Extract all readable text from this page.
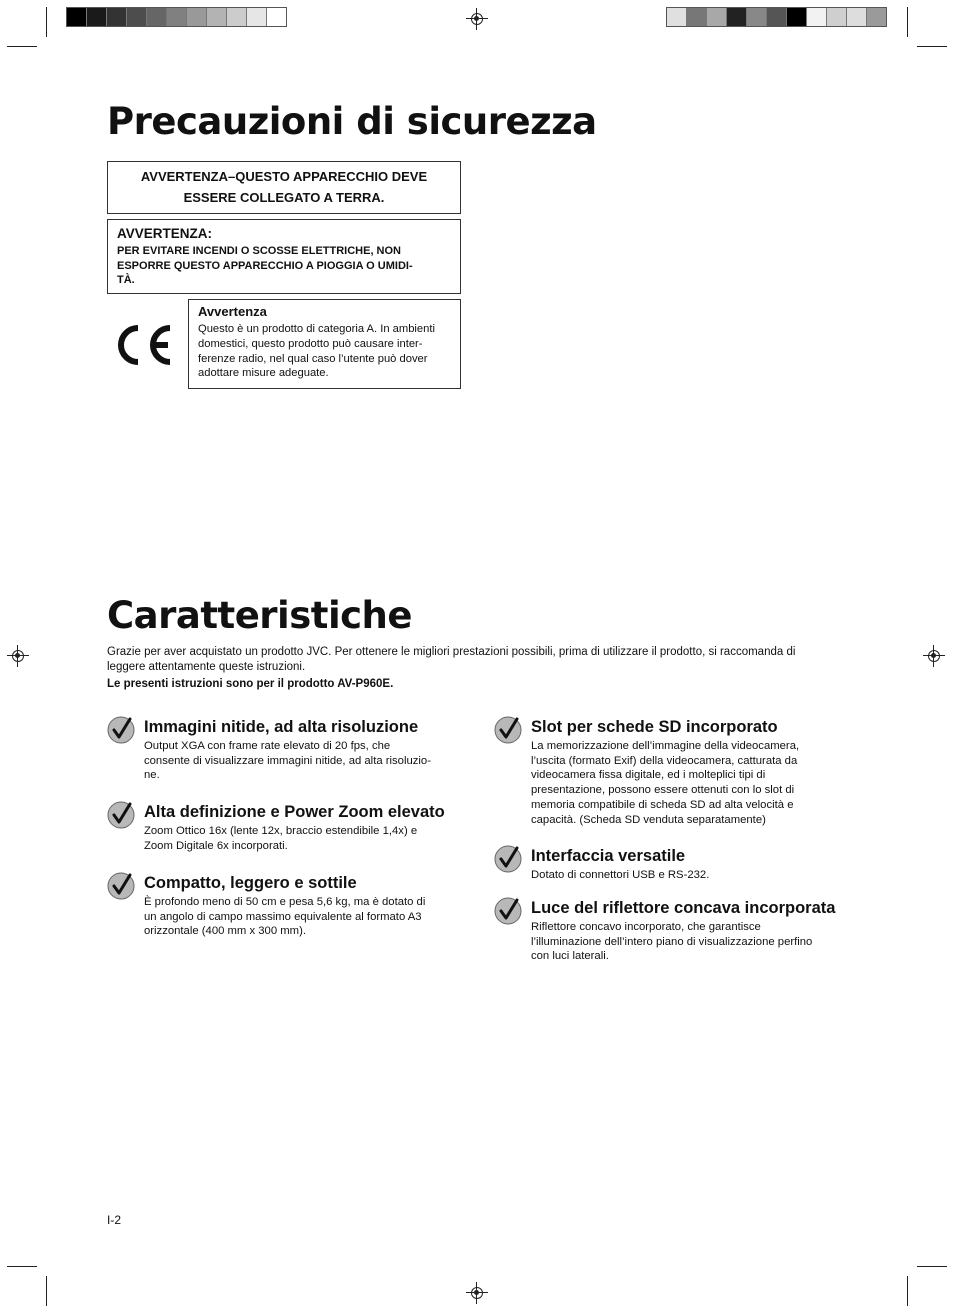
Precauzioni di sicurezza
AVVERTENZA–QUESTO APPARECCHIO DEVE
ESSERE COLLEGATO A TERRA.
AVVERTENZA:
PER EVITARE INCENDI O SCOSSE ELETTRICHE, NON
ESPORRE QUESTO APPARECCHIO A PIOGGIA O UMIDI-
TÀ.
Avvertenza
Questo è un prodotto di categoria A. In ambienti
domestici, questo prodotto può causare inter-
ferenze radio, nel qual caso l’utente può dover
adottare misure adeguate.
Caratteristiche
Grazie per aver acquistato un prodotto JVC. Per ottenere le migliori prestazioni possibili, prima di utilizzare il prodotto, si raccomanda di
leggere attentamente queste istruzioni.
Le presenti istruzioni sono per il prodotto AV-P960E.
Immagini nitide, ad alta risoluzione
Output XGA con frame rate elevato di 20 fps, che
consente di visualizzare immagini nitide, ad alta risoluzio-
ne.
Alta definizione e Power Zoom elevato
Zoom Ottico 16x (lente 12x, braccio estendibile 1,4x) e
Zoom Digitale 6x incorporati.
Compatto, leggero e sottile
È profondo meno di 50 cm e pesa 5,6 kg, ma è dotato di
un angolo di campo massimo equivalente al formato A3
orizzontale (400 mm x 300 mm).
Slot per schede SD incorporato
La memorizzazione dell’immagine della videocamera,
l’uscita (formato Exif) della videocamera, catturata da
videocamera fissa digitale, ed i molteplici tipi di
presentazione, possono essere ottenuti con lo slot di
memoria compatibile di scheda SD ad alta velocità e
capacità. (Scheda SD venduta separatamente)
Interfaccia versatile
Dotato di connettori USB e RS-232.
Luce del riflettore concava incorporata
Riflettore concavo incorporato, che garantisce
l’illuminazione dell’intero piano di visualizzazione perfino
con luci laterali.
I-2
